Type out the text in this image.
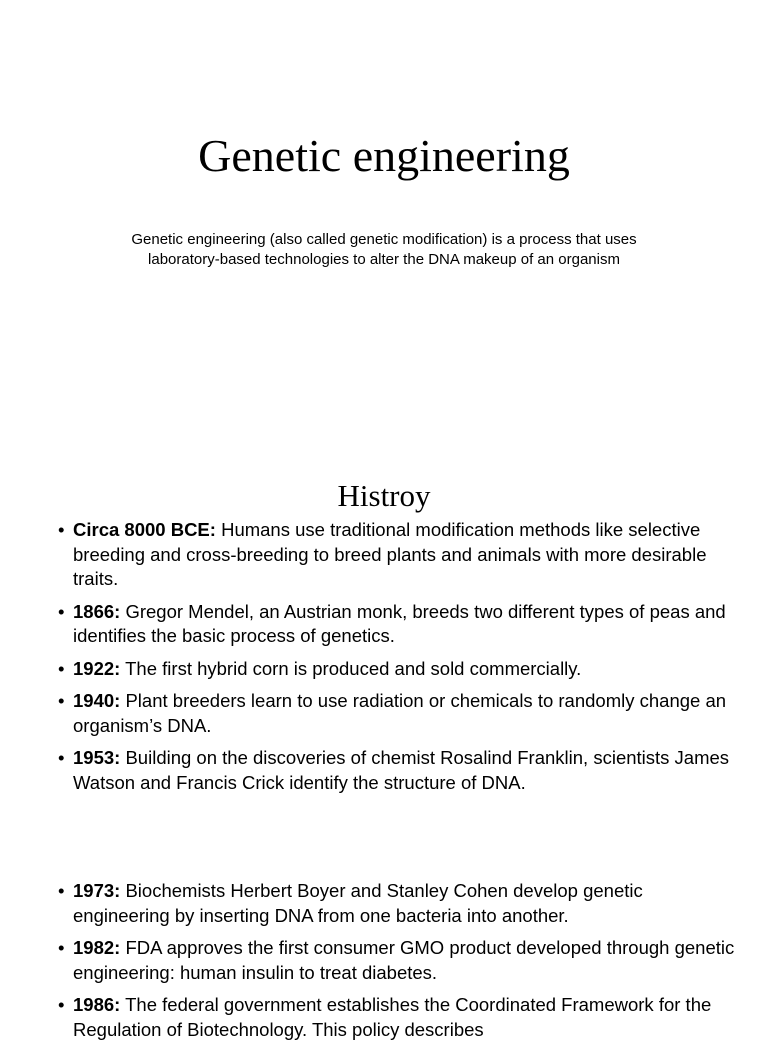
Genetic engineering

Genetic engineering (also called genetic modification) is a process that uses laboratory-based technologies to alter the DNA makeup of an organism

Histroy
• Circa 8000 BCE: Humans use traditional modification methods like selective breeding and cross-breeding to breed plants and animals with more desirable traits.
• 1866: Gregor Mendel, an Austrian monk, breeds two different types of peas and identifies the basic process of genetics.
• 1922: The first hybrid corn is produced and sold commercially.
• 1940: Plant breeders learn to use radiation or chemicals to randomly change an organism’s DNA.
• 1953: Building on the discoveries of chemist Rosalind Franklin, scientists James Watson and Francis Crick identify the structure of DNA.
• 1973: Biochemists Herbert Boyer and Stanley Cohen develop genetic engineering by inserting DNA from one bacteria into another.
• 1982: FDA approves the first consumer GMO product developed through genetic engineering: human insulin to treat diabetes.
• 1986: The federal government establishes the Coordinated Framework for the Regulation of Biotechnology. This policy describes
